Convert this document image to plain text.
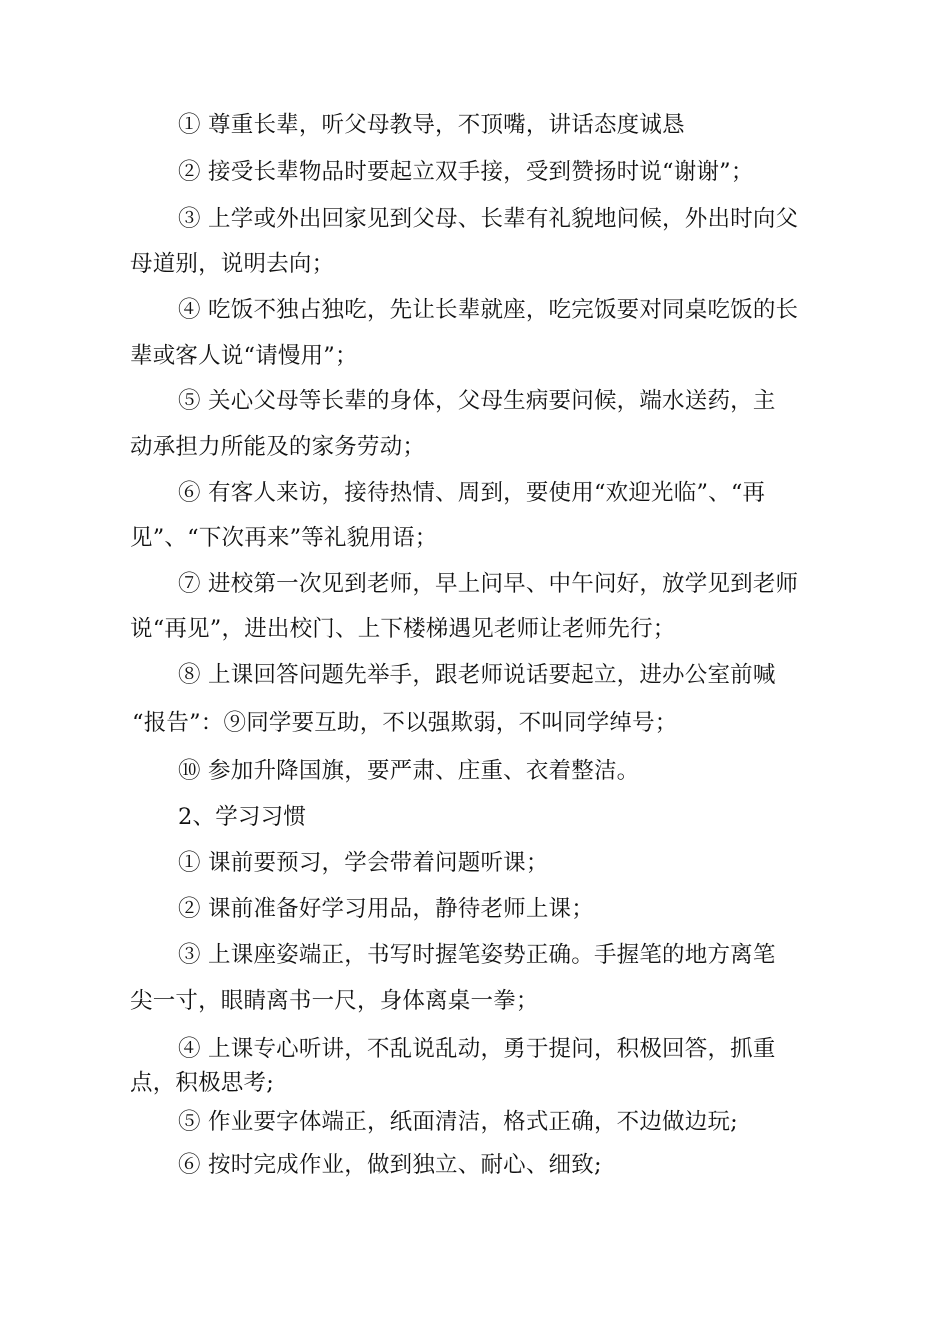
① 尊重长辈，听父母教导，不顶嘴，讲话态度诚恳
② 接受长辈物品时要起立双手接，受到赞扬时说“谢谢”；
③ 上学或外出回家见到父母、长辈有礼貌地问候，外出时向父
母道别，说明去向；
④ 吃饭不独占独吃，先让长辈就座，吃完饭要对同桌吃饭的长
辈或客人说“请慢用”；
⑤ 关心父母等长辈的身体，父母生病要问候，端水送药，主
动承担力所能及的家务劳动；
⑥ 有客人来访，接待热情、周到，要使用“欢迎光临”、“再
见”、“下次再来”等礼貌用语；
⑦ 进校第一次见到老师，早上问早、中午问好，放学见到老师
说“再见”，进出校门、上下楼梯遇见老师让老师先行；
⑧ 上课回答问题先举手，跟老师说话要起立，进办公室前喊
“报告”：⑨同学要互助，不以强欺弱，不叫同学绰号；
⑩ 参加升降国旗，要严肃、庄重、衣着整洁。
2、学习习惯
① 课前要预习，学会带着问题听课；
② 课前准备好学习用品，静待老师上课；
③ 上课座姿端正，书写时握笔姿势正确。手握笔的地方离笔
尖一寸，眼睛离书一尺，身体离桌一拳；
④ 上课专心听讲，不乱说乱动，勇于提问，积极回答，抓重
点，积极思考;
⑤ 作业要字体端正，纸面清洁，格式正确，不边做边玩;
⑥ 按时完成作业，做到独立、耐心、细致;
